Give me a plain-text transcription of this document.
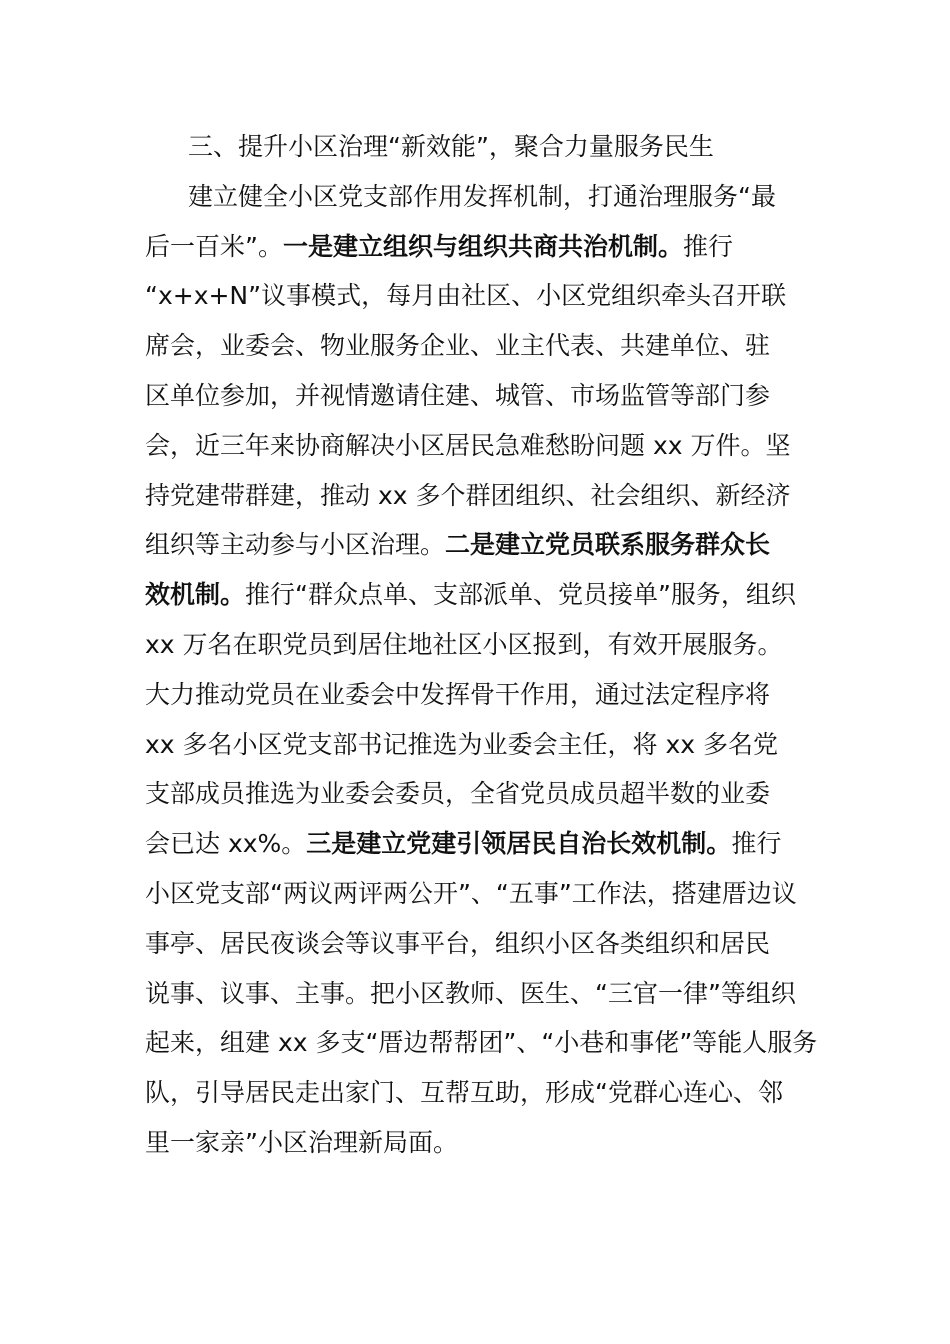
三、提升小区治理“新效能”，聚合力量服务民生
建立健全小区党支部作用发挥机制，打通治理服务“最
后一百米”。一是建立组织与组织共商共治机制。推行
“x+x+N”议事模式，每月由社区、小区党组织牵头召开联
席会，业委会、物业服务企业、业主代表、共建单位、驻
区单位参加，并视情邀请住建、城管、市场监管等部门参
会，近三年来协商解决小区居民急难愁盼问题 xx 万件。坚
持党建带群建，推动 xx 多个群团组织、社会组织、新经济
组织等主动参与小区治理。二是建立党员联系服务群众长
效机制。推行“群众点单、支部派单、党员接单”服务，组织
xx 万名在职党员到居住地社区小区报到，有效开展服务。
大力推动党员在业委会中发挥骨干作用，通过法定程序将
xx 多名小区党支部书记推选为业委会主任，将 xx 多名党
支部成员推选为业委会委员，全省党员成员超半数的业委
会已达 xx%。三是建立党建引领居民自治长效机制。推行
小区党支部“两议两评两公开”、“五事”工作法，搭建厝边议
事亭、居民夜谈会等议事平台，组织小区各类组织和居民
说事、议事、主事。把小区教师、医生、“三官一律”等组织
起来，组建 xx 多支“厝边帮帮团”、“小巷和事佬”等能人服务
队，引导居民走出家门、互帮互助，形成“党群心连心、邻
里一家亲”小区治理新局面。
